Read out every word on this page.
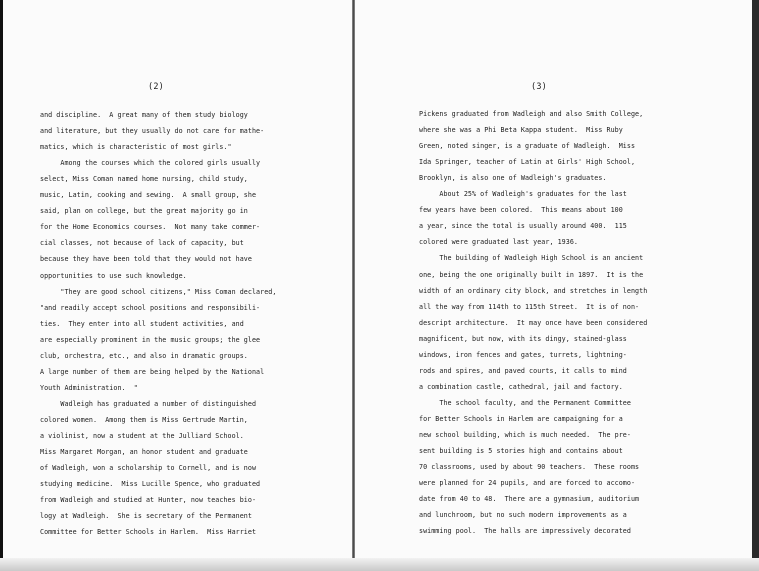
(2)
and discipline.  A great many of them study biology
and literature, but they usually do not care for mathe-
matics, which is characteristic of most girls."
Among the courses which the colored girls usually
select, Miss Coman named home nursing, child study,
music, Latin, cooking and sewing.  A small group, she
said, plan on college, but the great majority go in
for the Home Economics courses.  Not many take commer-
cial classes, not because of lack of capacity, but
because they have been told that they would not have
opportunities to use such knowledge.
"They are good school citizens," Miss Coman declared,
"and readily accept school positions and responsibili-
ties.  They enter into all student activities, and
are especially prominent in the music groups; the glee
club, orchestra, etc., and also in dramatic groups.
A large number of them are being helped by the National
Youth Administration.  "
Wadleigh has graduated a number of distinguished
colored women.  Among them is Miss Gertrude Martin,
a violinist, now a student at the Julliard School.
Miss Margaret Morgan, an honor student and graduate
of Wadleigh, won a scholarship to Cornell, and is now
studying medicine.  Miss Lucille Spence, who graduated
from Wadleigh and studied at Hunter, now teaches bio-
logy at Wadleigh.  She is secretary of the Permanent
Committee for Better Schools in Harlem.  Miss Harriet
(3)
Pickens graduated from Wadleigh and also Smith College,
where she was a Phi Beta Kappa student.  Miss Ruby
Green, noted singer, is a graduate of Wadleigh.  Miss
Ida Springer, teacher of Latin at Girls' High School,
Brooklyn, is also one of Wadleigh's graduates.
About 25% of Wadleigh's graduates for the last
few years have been colored.  This means about 100
a year, since the total is usually around 400.  115
colored were graduated last year, 1936.
The building of Wadleigh High School is an ancient
one, being the one originally built in 1897.  It is the
width of an ordinary city block, and stretches in length
all the way from 114th to 115th Street.  It is of non-
descript architecture.  It may once have been considered
magnificent, but now, with its dingy, stained-glass
windows, iron fences and gates, turrets, lightning-
rods and spires, and paved courts, it calls to mind
a combination castle, cathedral, jail and factory.
The school faculty, and the Permanent Committee
for Better Schools in Harlem are campaigning for a
new school building, which is much needed.  The pre-
sent building is 5 stories high and contains about
70 classrooms, used by about 90 teachers.  These rooms
were planned for 24 pupils, and are forced to accomo-
date from 40 to 48.  There are a gymnasium, auditorium
and lunchroom, but no such modern improvements as a
swimming pool.  The halls are impressively decorated
